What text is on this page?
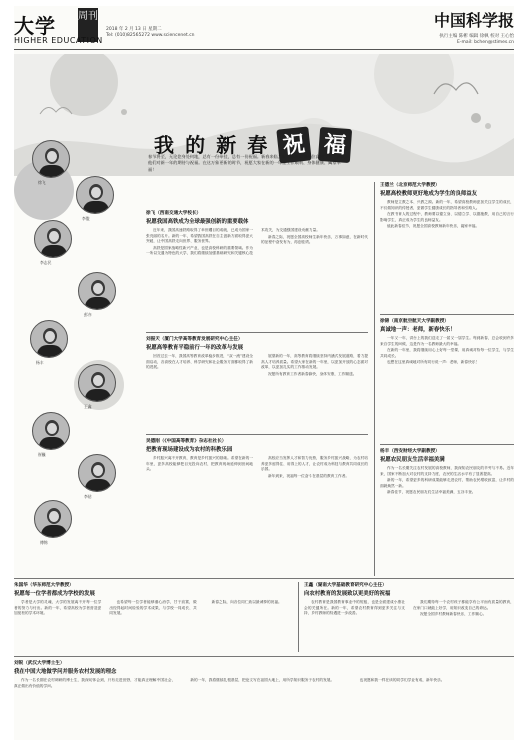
大学 周刊
HIGHER EDUCATION
2018 年 2 月 13 日 星期二
Tel: (010)82565272 www.sciencenet.cn
中国科学报
执行主编 陈彬 编辑 徐枫 校对 王心怡
E-mail: bchen@stimes.cn
我 的 新 春 祝 福
春节将至，无论您身处何地，总有一份牵挂，总有一份祝福。新春来临之际，本报邀请多位高校学者，谈谈他们对新一年的期待与祝福。在这万象更新的时节，祝愿大家在新的一年里工作顺利、身体健康、阖家幸福！
徐飞
李俊
李志民
彭亦
杨丰
王鑫
崔巍
李钻
傅锦
徐飞（西南交通大学校长）
祝愿我国高铁成为全球最强创新的重要载体

近年来，我国高速铁路取得了举世瞩目的成就，已成为国家一张亮丽的名片。新的一年，希望我国高铁在自主创新方面取得更大突破，让中国高铁走向世界、服务世界。

高铁是国家战略性新兴产业，也是高校科研的重要领域。作为一所以交通为特色的大学，我们将继续加强基础研究和关键核心技术攻关，为交通强国建设贡献力量。

新春之际，祝愿全国高校师生新年快乐，万事如意，在新时代的征程中奋发有为，再创佳绩。

刘振天（厦门大学高等教育发展研究中心主任）
祝愿高等教育平稳前行一年的改革与发展

回首过去一年，我国高等教育改革稳步推进，“双一流”建设全面启动，各高校在人才培养、科学研究和社会服务方面都取得了新的进展。

展望新的一年，高等教育将继续坚持内涵式发展道路，着力提高人才培养质量。希望大家在新的一年里，以更加开放的心态面对改革，以更加扎实的工作推动发展。

祝愿所有教育工作者新春愉快，身体安康，工作顺遂。

吴德刚（《中国高等教育》杂志社社长）
把教育现场建设成为农村的科教乐园

乡村振兴离不开教育，教育是乡村振兴的基础。希望在新的一年里，更多高校能够把目光投向农村，把教育现场延伸到田间地头。

高校应当发挥人才和智力优势，服务乡村振兴战略，为农村培养更多留得住、用得上的人才，让农村成为科技与教育共同成长的乐园。

新年到来，祝福每一位奋斗在基层的教育工作者。

王德兰（北京师范大学教授）
祝愿高校教师更好地成为学生的良师益友

教师是立教之本、兴教之源。新的一年，希望高校教师更加关注学生的成长，不仅做知识的传授者，更做学生健康成长的指导者和引路人。

在教书育人的过程中，教师要以德立身、以德立学、以德施教，用自己的言行影响学生，真正成为学生的良师益友。

值此新春佳节，祝愿全国高校教师新年快乐，阖家幸福。

徐锦（南京航空航天大学副教授）
真诚地一声：老师，新春快乐！

一年又一年，讲台上的我们送走了一届又一届学生。每到新春，总会收到许多来自学生的问候，这是作为一名教师最大的幸福。

在新的一年里，我将继续用心上好每一堂课，用真诚对待每一位学生，与学生共同成长。

也想在这里真诚地对所有同行说一声：老师，新春快乐！

杨丰（西安财经大学副教授）
祝愿农民朋友生活幸福美满

作为一名长期关注农村发展的高校教师，我深知农民朋友的辛劳与不易。近年来，国家不断加大对农村的支持力度，农民的生活水平有了显著提高。

新的一年，希望更多的科研成果能够走进农村，帮助农民增收致富，让乡村的面貌焕然一新。

新春佳节，祝愿农民朋友们生活幸福美满，五谷丰登。

朱国华（华东师范大学教授）
祝愿每一位学者都成为学校的发展

学者是大学的灵魂，大学的发展离不开每一位学者的努力与付出。新的一年，希望高校为学者营造更加宽松的学术环境。

也希望每一位学者能够潜心治学，甘于寂寞，做出经得起时间检验的学术成果，与学校一同成长、共同发展。

新春之际，向各位同仁致以最诚挚的祝福。

王鑫（湖南大学基础教育研究中心主任）
向农村教育的发展致以更美好的祝福

农村教育是我国教育事业中的短板，也是全面建成小康社会的关键所在。新的一年，希望农村教育得到更多关注与支持，乡村教师的待遇进一步改善。

我们期待每一个农村孩子都能享有公平而有质量的教育，在家门口就能上好学，用知识改变自己的命运。

祝愿全国乡村教师新春快乐，工作顺心。

刘锐（武汉大学博士生）
我在中国大地做学问并服务农村发展的理念

作为一名长期在农村调研的博士生，我深切体会到，只有走进田野，才能真正理解中国社会，真正做出有价值的学问。

新的一年，我将继续扎根基层，把论文写在祖国大地上，用所学知识服务于农村的发展。	也祝愿和我一样在读的同学们学业有成，新年快乐。
